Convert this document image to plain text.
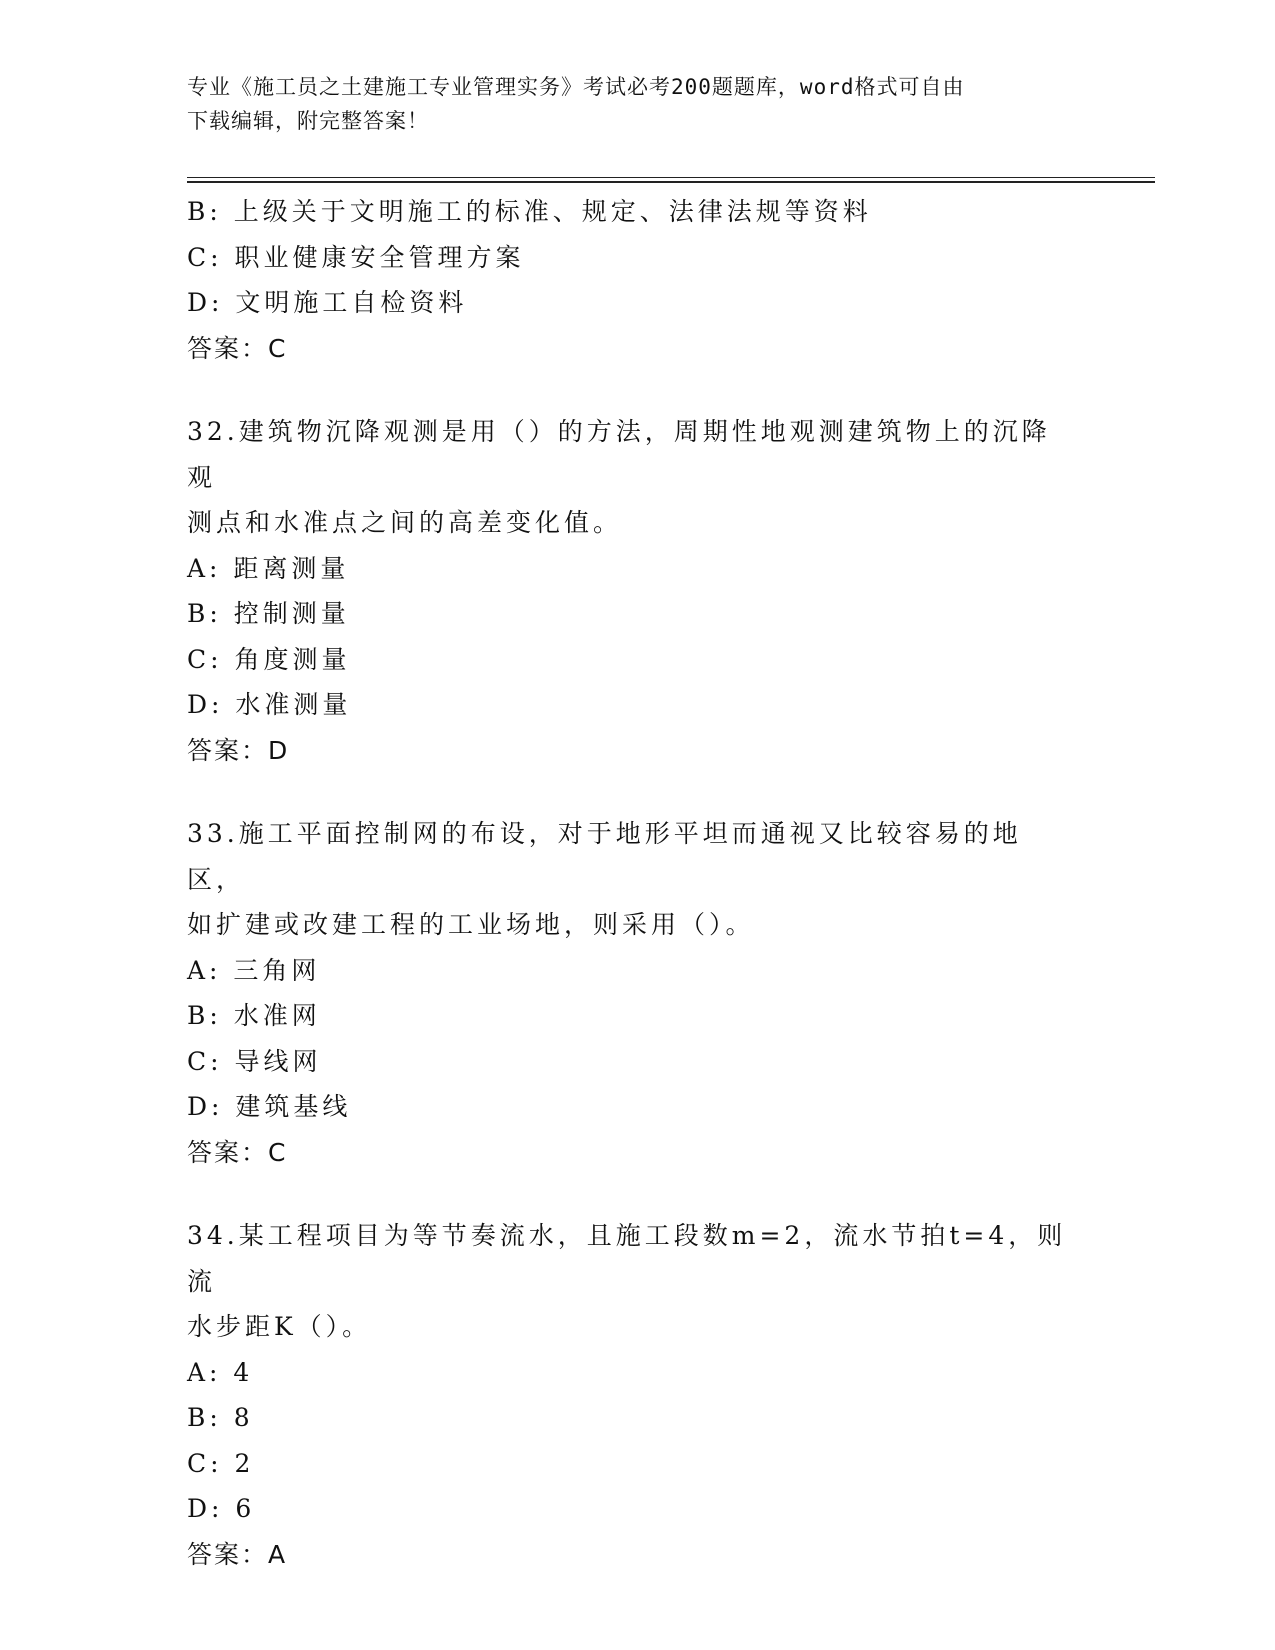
专业《施工员之土建施工专业管理实务》考试必考200题题库，word格式可自由
下载编辑，附完整答案！
B: 上级关于文明施工的标准、规定、法律法规等资料
C: 职业健康安全管理方案
D: 文明施工自检资料
答案：C
32.建筑物沉降观测是用（）的方法，周期性地观测建筑物上的沉降观
测点和水准点之间的高差变化值。
A: 距离测量
B: 控制测量
C: 角度测量
D: 水准测量
答案：D
33.施工平面控制网的布设，对于地形平坦而通视又比较容易的地区，
如扩建或改建工程的工业场地，则采用（）。
A: 三角网
B: 水准网
C: 导线网
D: 建筑基线
答案：C
34.某工程项目为等节奏流水，且施工段数m=2，流水节拍t=4，则流
水步距K（）。
A: 4
B: 8
C: 2
D: 6
答案：A
